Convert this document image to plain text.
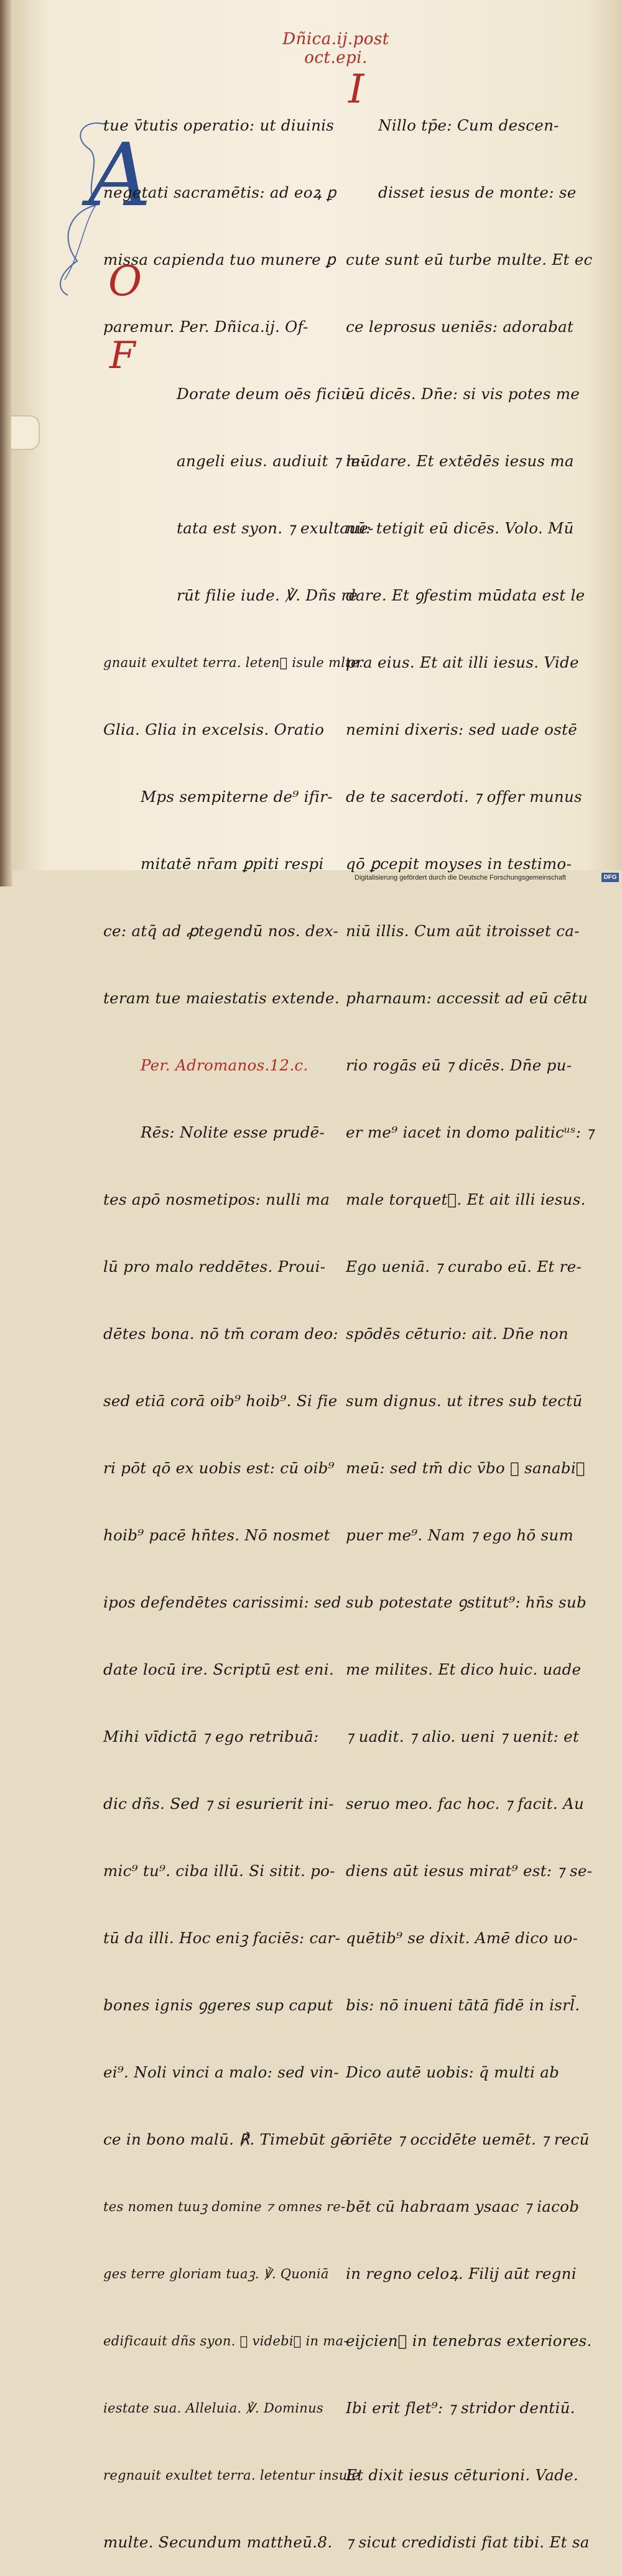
Dñica.ij.post oct.epi.
A
O
F
I

tue v̄tutis operatio: ut diuinis

negetati sacramētis: ad eoꝝ ꝑ

missa capienda tuo munere ꝑ

paremur. Per. Dñica.ij. Of-

Dorate deum oēs ficiū

angeli eius. audiuit ⁊ le-

tata est syon. ⁊ exultaue-

rūt filie iude. ℣. Dñs re

gnauit exultet terra. letenᷓ isule mlte.

Glia. Glia in excelsis. Oratio

Mps sempiterne de⁹ ifir-

mitatē nr̄am ꝑpiti respi

ce: atq̄ ad ꝓtegendū nos. dex-

teram tue maiestatis extende.

Per. Adromanos.12.c.

Rēs: Nolite esse prudē-

tes apō nosmetipos: nulli ma

lū pro malo reddētes. Proui-

dētes bona. nō tm̄ coram deo:

sed etiā corā oib⁹ hoib⁹. Si fie

ri pōt qō ex uobis est: cū oib⁹

hoib⁹ pacē hn̄tes. Nō nosmet

ipos defendētes carissimi: sed

date locū ire. Scriptū est eni.

Mihi vīdictā ⁊ ego retribuā:

dic dñs. Sed ⁊ si esurierit ini-

mic⁹ tu⁹. ciba illū. Si sitit. po-

tū da illi. Hoc eniꝫ faciēs: car-

bones ignis ꝯgeres sup caput

ei⁹. Noli vinci a malo: sed vin-

ce in bono malū. ℟. Timebūt gē

tes nomen tuuꝫ domine ⁊ omnes re-

ges terre gloriam tuaꝫ. ℣. Quoniā

edificauit dñs syon. ⁊ videbiᷓ in ma-

iestate sua. Alleluia. ℣. Dominus

regnauit exultet terra. letentur insule

multe. Secundum mattheū.8.

Nillo tp̄e: Cum descen-

disset iesus de monte: se

cute sunt eū turbe multe. Et ec

ce leprosus ueniēs: adorabat

eū dicēs. Dn̄e: si vis potes me

mūdare. Et extēdēs iesus ma

nū: tetigit eū dicēs. Volo. Mū

dare. Et ꝯfestim mūdata est le

pra eius. Et ait illi iesus. Vide

nemini dixeris: sed uade ostē

de te sacerdoti. ⁊ offer munus

qō ꝑcepit moyses in testimo-

niū illis. Cum aūt itroisset ca-

pharnaum: accessit ad eū cētu

rio rogās eū ⁊ dicēs. Dn̄e pu-

er me⁹ iacet in domo paliticᵘˢ: ⁊

male torquetᷓ. Et ait illi iesus.

Ego ueniā. ⁊ curabo eū. Et re-

spōdēs cēturio: ait. Dn̄e non

sum dignus. ut itres sub tectū

meū: sed tm̄ dic v̄bo ⁊ sanabiᷓ

puer me⁹. Nam ⁊ ego hō sum

sub potestate ꝯstitut⁹: hn̄s sub

me milites. Et dico huic. uade

⁊ uadit. ⁊ alio. ueni ⁊ uenit: et

seruo meo. fac hoc. ⁊ facit. Au

diens aūt iesus mirat⁹ est: ⁊ se-

quētib⁹ se dixit. Amē dico uo-

bis: nō inueni tātā fidē in isrl̄.

Dico autē uobis: q̄ multi ab

oriēte ⁊ occidēte uemēt. ⁊ recū

bēt cū habraam ysaac ⁊ iacob

in regno celoꝝ. Filij aūt regni

eijcienᷓ in tenebras exteriores.

Ibi erit flet⁹: ⁊ stridor dentiū.

Et dixit iesus cēturioni. Vade.

⁊ sicut credidisti fiat tibi. Et sa

Digitalisierung gefördert durch die Deutsche Forschungsgemeinschaft	DFG
